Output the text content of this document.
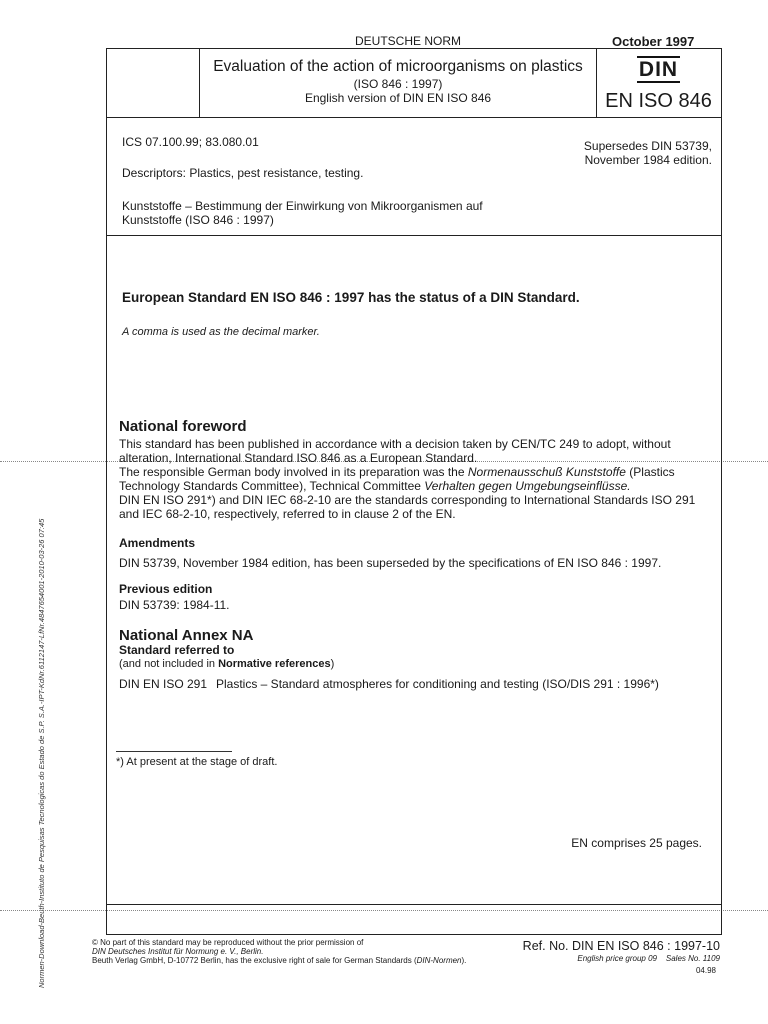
Normen-Download-Beuth-Instituto de Pesquisas Tecnologicas do Estado de S.P. S.A.-IPT-KdNr.6112147-LfNr.4847654001-2010-03-26 07:45
DEUTSCHE NORM	October 1997
Evaluation of the action of microorganisms on plastics
(ISO 846 : 1997)
English version of DIN EN ISO 846
DIN
EN ISO 846
ICS 07.100.99; 83.080.01	Supersedes DIN 53739,
November 1984 edition.
Descriptors: Plastics, pest resistance, testing.
Kunststoffe – Bestimmung der Einwirkung von Mikroorganismen auf
Kunststoffe (ISO 846 : 1997)
European Standard EN ISO 846 : 1997 has the status of a DIN Standard.
A comma is used as the decimal marker.
National foreword
This standard has been published in accordance with a decision taken by CEN/TC 249 to adopt, without
alteration, International Standard ISO 846 as a European Standard.
The responsible German body involved in its preparation was the Normenausschuß Kunststoffe (Plastics
Technology Standards Committee), Technical Committee Verhalten gegen Umgebungseinflüsse.
DIN EN ISO 291*) and DIN IEC 68-2-10 are the standards corresponding to International Standards ISO 291
and IEC 68-2-10, respectively, referred to in clause 2 of the EN.
Amendments
DIN 53739, November 1984 edition, has been superseded by the specifications of EN ISO 846 : 1997.
Previous edition
DIN 53739: 1984-11.
National Annex NA
Standard referred to
(and not included in Normative references)
DIN EN ISO 291 Plastics – Standard atmospheres for conditioning and testing (ISO/DIS 291 : 1996*)
*) At present at the stage of draft.
EN comprises 25 pages.
© No part of this standard may be reproduced without the prior permission of
DIN Deutsches Institut für Normung e. V., Berlin.
Beuth Verlag GmbH, D-10772 Berlin, has the exclusive right of sale for German Standards (DIN-Normen).
Ref. No. DIN EN ISO 846 : 1997-10
English price group 09 Sales No. 1109
04.98
